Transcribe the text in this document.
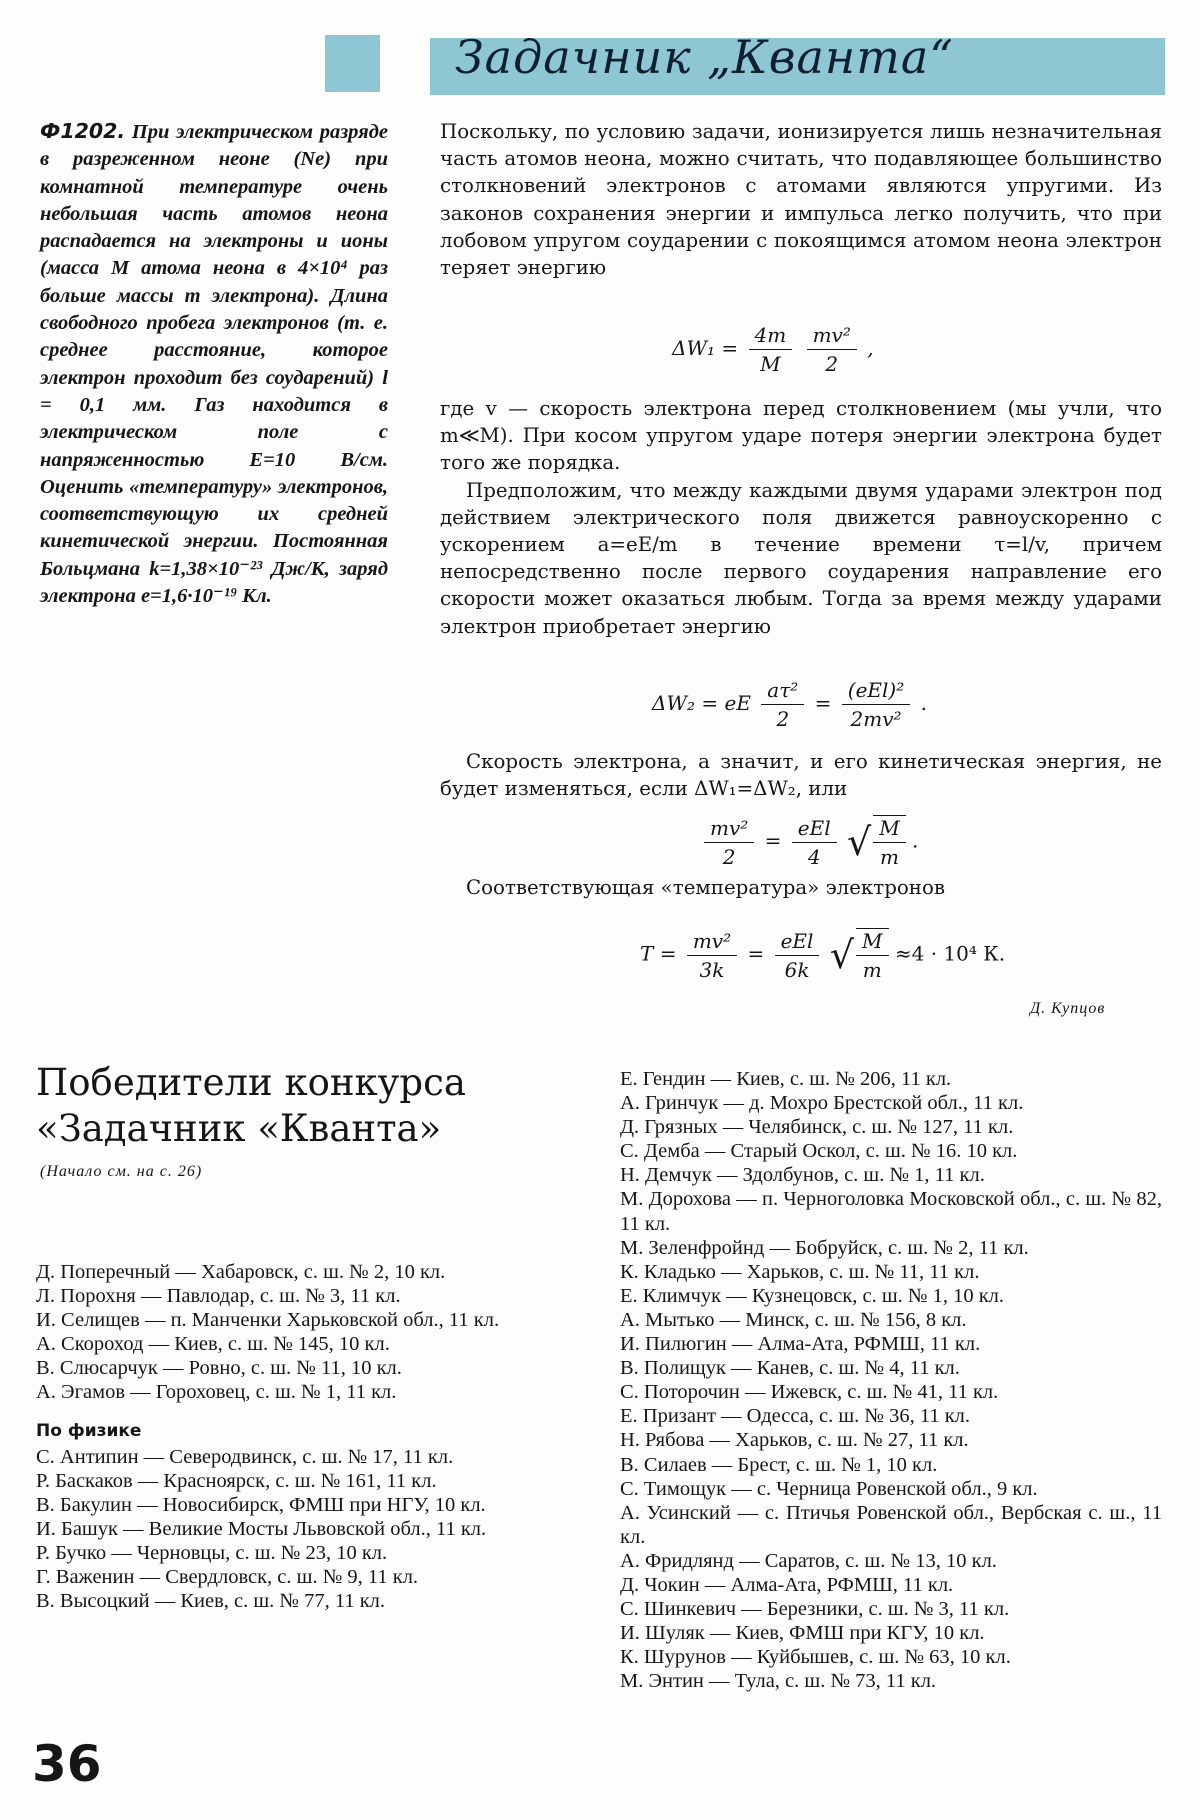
Задачник „Кванта“
Ф1202. При электрическом разряде в разреженном неоне (Ne) при комнатной температуре очень небольшая часть атомов неона распадается на электроны и ионы (масса M атома неона в 4×10⁴ раз больше массы m электрона). Длина свободного пробега электронов (т. е. среднее расстояние, которое электрон проходит без соударений) l = 0,1 мм. Газ находится в электрическом поле с напряженностью E=10 В/см. Оценить «температуру» электронов, соответствующую их средней кинетической энергии. Постоянная Больцмана k=1,38×10⁻²³ Дж/К, заряд электрона e=1,6·10⁻¹⁹ Кл.

Поскольку, по условию задачи, ионизируется лишь незначительная часть атомов неона, можно считать, что подавляющее большинство столкновений электронов с атомами являются упругими. Из законов сохранения энергии и импульса легко получить, что при лобовом упругом соударении с покоящимся атомом неона электрон теряет энергию

$\Delta W_1 = \frac{4m}{M}$
$\frac{\text{mv²}}{2}$ ,

где v — скорость электрона перед столкновением (мы учли, что m≪M). При косом упругом ударе потеря энергии электрона будет того же порядка.

Предположим, что между каждыми двумя ударами электрон под действием электрического поля движется равноускоренно с ускорением a=eE/m в течение времени τ=l/v, причем непосредственно после первого соударения направление его скорости может оказаться любым. Тогда за время между ударами электрон приобретает энергию

ΔW₂ = eE $\frac{\text{aτ²}}{2} = \frac{\text{(eEl)²}}{\text{2mv²}}$ .

Скорость электрона, а значит, и его кинетическая энергия, не будет изменяться, если ΔW₁=ΔW₂, или

$\frac{\text{mv²}}{2} = \frac{\text{eEl}}{4}$ √ $\frac{M}{m}$ .

Соответствующая «температура» электронов

$T = \frac{\text{mv²}}{3k} = \frac{\text{eEl}}{6k}$ √ $\frac{M}{m} \approx 4 \cdot 10^4$ К.
Д. Купцов
Победители конкурса
«Задачник «Кванта»
(Начало см. на с. 26)
Д. Поперечный — Хабаровск, с. ш. № 2, 10 кл.
Л. Порохня — Павлодар, с. ш. № 3, 11 кл.
И. Селищев — п. Манченки Харьковской обл., 11 кл.
А. Скороход — Киев, с. ш. № 145, 10 кл.
В. Слюсарчук — Ровно, с. ш. № 11, 10 кл.
А. Эгамов — Гороховец, с. ш. № 1, 11 кл.
По физике
С. Антипин — Северодвинск, с. ш. № 17, 11 кл.
Р. Баскаков — Красноярск, с. ш. № 161, 11 кл.
В. Бакулин — Новосибирск, ФМШ при НГУ, 10 кл.
И. Башук — Великие Мосты Львовской обл., 11 кл.
Р. Бучко — Черновцы, с. ш. № 23, 10 кл.
Г. Важенин — Свердловск, с. ш. № 9, 11 кл.
В. Высоцкий — Киев, с. ш. № 77, 11 кл.
Е. Гендин — Киев, с. ш. № 206, 11 кл.
А. Гринчук — д. Мохро Брестской обл., 11 кл.
Д. Грязных — Челябинск, с. ш. № 127, 11 кл.
С. Демба — Старый Оскол, с. ш. № 16. 10 кл.
Н. Демчук — Здолбунов, с. ш. № 1, 11 кл.
М. Дорохова — п. Черноголовка Московской обл., с. ш. № 82, 11 кл.
М. Зеленфройнд — Бобруйск, с. ш. № 2, 11 кл.
К. Кладько — Харьков, с. ш. № 11, 11 кл.
Е. Климчук — Кузнецовск, с. ш. № 1, 10 кл.
А. Мытько — Минск, с. ш. № 156, 8 кл.
И. Пилюгин — Алма-Ата, РФМШ, 11 кл.
В. Полищук — Канев, с. ш. № 4, 11 кл.
С. Поторочин — Ижевск, с. ш. № 41, 11 кл.
Е. Призант — Одесса, с. ш. № 36, 11 кл.
Н. Рябова — Харьков, с. ш. № 27, 11 кл.
В. Силаев — Брест, с. ш. № 1, 10 кл.
С. Тимощук — с. Черница Ровенской обл., 9 кл.
А. Усинский — с. Птичья Ровенской обл., Вербская с. ш., 11 кл.
А. Фридлянд — Саратов, с. ш. № 13, 10 кл.
Д. Чокин — Алма-Ата, РФМШ, 11 кл.
С. Шинкевич — Березники, с. ш. № 3, 11 кл.
И. Шуляк — Киев, ФМШ при КГУ, 10 кл.
К. Шурунов — Куйбышев, с. ш. № 63, 10 кл.
М. Энтин — Тула, с. ш. № 73, 11 кл.
36
